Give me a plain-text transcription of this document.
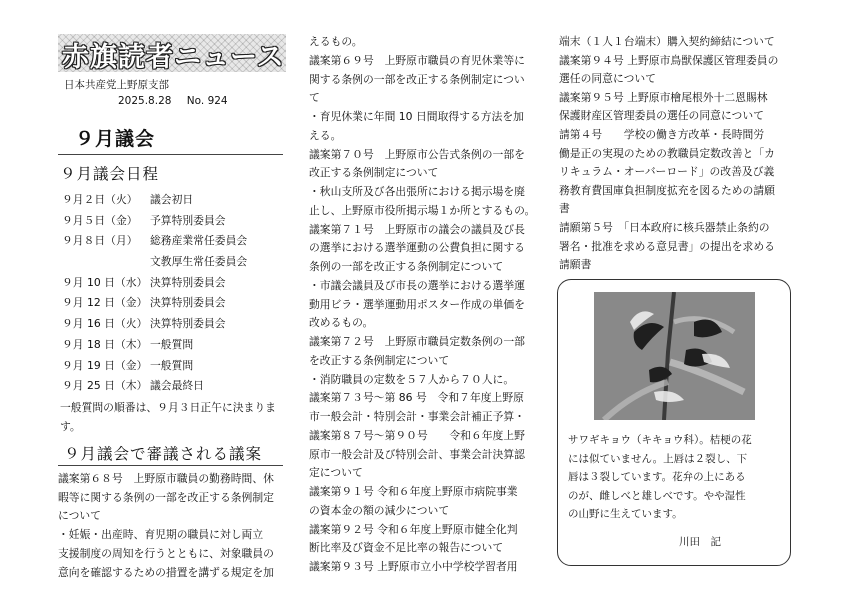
赤旗読者ニュース
日本共産党上野原支部
2025.8.28 No. 924
９月議会
９月議会日程
９月２日（火）	議会初日
９月５日（金）	予算特別委員会
９月８日（月）	総務産業常任委員会
文教厚生常任委員会
９月 10 日（水） 決算特別委員会
９月 12 日（金） 決算特別委員会
９月 16 日（火） 決算特別委員会
９月 18 日（木） 一般質問
９月 19 日（金） 一般質問
９月 25 日（木） 議会最終日

一般質問の順番は、９月３日正午に決まりま

す。

９月議会で審議される議案

議案第６８号　上野原市職員の勤務時間、休

暇等に関する条例の一部を改正する条例制定

について

・妊娠・出産時、育児期の職員に対し両立

支援制度の周知を行うとともに、対象職員の

意向を確認するための措置を講ずる規定を加

えるもの。

議案第６９号　上野原市職員の育児休業等に

関する条例の一部を改正する条例制定につい

て

・育児休業に年間 10 日間取得する方法を加

える。

議案第７０号　上野原市公告式条例の一部を

改正する条例制定について

・秋山支所及び各出張所における掲示場を廃

止し、上野原市役所掲示場１か所とするもの。

議案第７１号　上野原市の議会の議員及び長

の選挙における選挙運動の公費負担に関する

条例の一部を改正する条例制定について

・市議会議員及び市長の選挙における選挙運

動用ビラ・選挙運動用ポスター作成の単価を

改めるもの。

議案第７２号　上野原市職員定数条例の一部

を改正する条例制定について

・消防職員の定数を５７人から７０人に。

議案第７３号～第 86 号　令和７年度上野原

市一般会計・特別会計・事業会計補正予算・

議案第８７号～第９０号　　令和６年度上野

原市一般会計及び特別会計、事業会計決算認

定について

議案第９１号 令和６年度上野原市病院事業

の資本金の額の減少について

議案第９２号 令和６年度上野原市健全化判

断比率及び資金不足比率の報告について

議案第９３号 上野原市立小中学校学習者用

端末（１人１台端末）購入契約締結について

議案第９４号 上野原市鳥獣保護区管理委員の

選任の同意について

議案第９５号 上野原市檜尾根外十二恩賜林

保護財産区管理委員の選任の同意について

請第４号　　学校の働き方改革・長時間労

働是正の実現のための教職員定数改善と「カ

リキュラム・オーバーロード」の改善及び義

務教育費国庫負担制度拡充を図るための請願

書

請願第５号　「日本政府に核兵器禁止条約の

署名・批准を求める意見書」の提出を求める

請願書

サワギキョウ（キキョウ科）。桔梗の花

には似ていません。上唇は２裂し、下

唇は３裂しています。花弁の上にある

のが、雌しべと雄しべです。やや湿性

の山野に生えています。

川田　記
